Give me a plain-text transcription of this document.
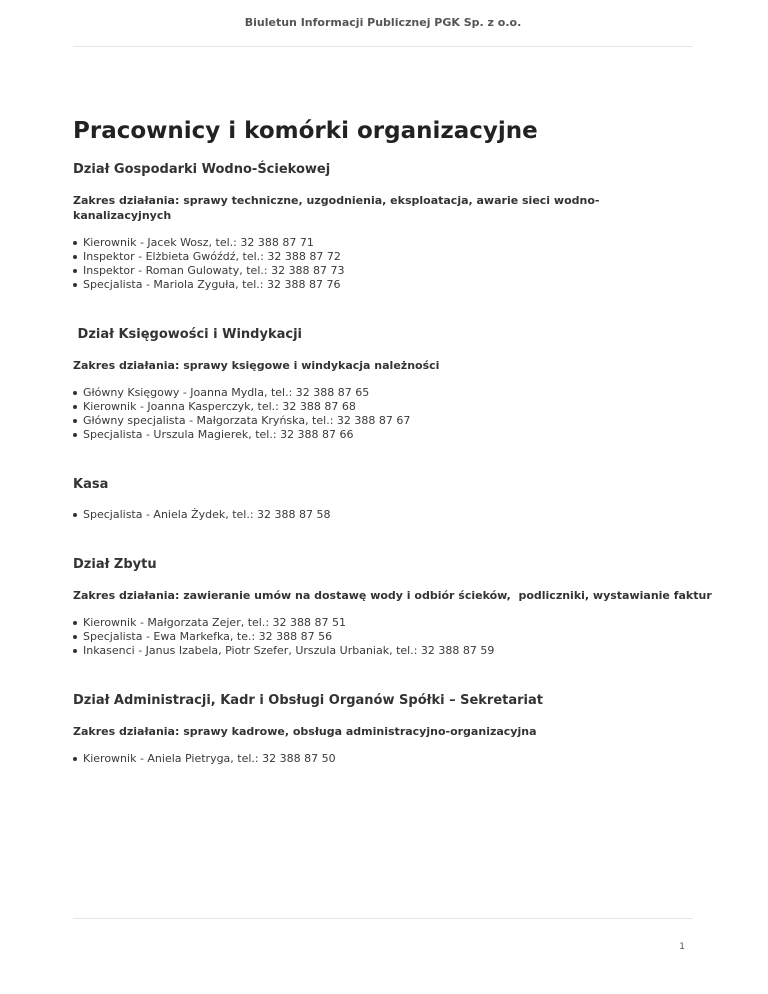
Biuletun Informacji Publicznej PGK Sp. z o.o.
Pracownicy i komórki organizacyjne
Dział Gospodarki Wodno-Ściekowej

Zakres działania: sprawy techniczne, uzgodnienia, eksploatacja, awarie sieci wodno-kanalizacyjnych

Kierownik - Jacek Wosz, tel.: 32 388 87 71
Inspektor - Elżbieta Gwóźdź, tel.: 32 388 87 72
Inspektor - Roman Gulowaty, tel.: 32 388 87 73
Specjalista - Mariola Zyguła, tel.: 32 388 87 76
Dział Księgowości i Windykacji

Zakres działania: sprawy księgowe i windykacja należności

Główny Księgowy - Joanna Mydla, tel.: 32 388 87 65
Kierownik - Joanna Kasperczyk, tel.: 32 388 87 68
Główny specjalista - Małgorzata Kryńska, tel.: 32 388 87 67
Specjalista - Urszula Magierek, tel.: 32 388 87 66
Kasa
Specjalista - Aniela Żydek, tel.: 32 388 87 58
Dział Zbytu

Zakres działania: zawieranie umów na dostawę wody i odbiór ścieków,  podliczniki, wystawianie faktur

Kierownik - Małgorzata Zejer, tel.: 32 388 87 51
Specjalista - Ewa Markefka, te.: 32 388 87 56
Inkasenci - Janus Izabela, Piotr Szefer, Urszula Urbaniak, tel.: 32 388 87 59
Dział Administracji, Kadr i Obsługi Organów Spółki – Sekretariat

Zakres działania: sprawy kadrowe, obsługa administracyjno-organizacyjna

Kierownik - Aniela Pietryga, tel.: 32 388 87 50
1
